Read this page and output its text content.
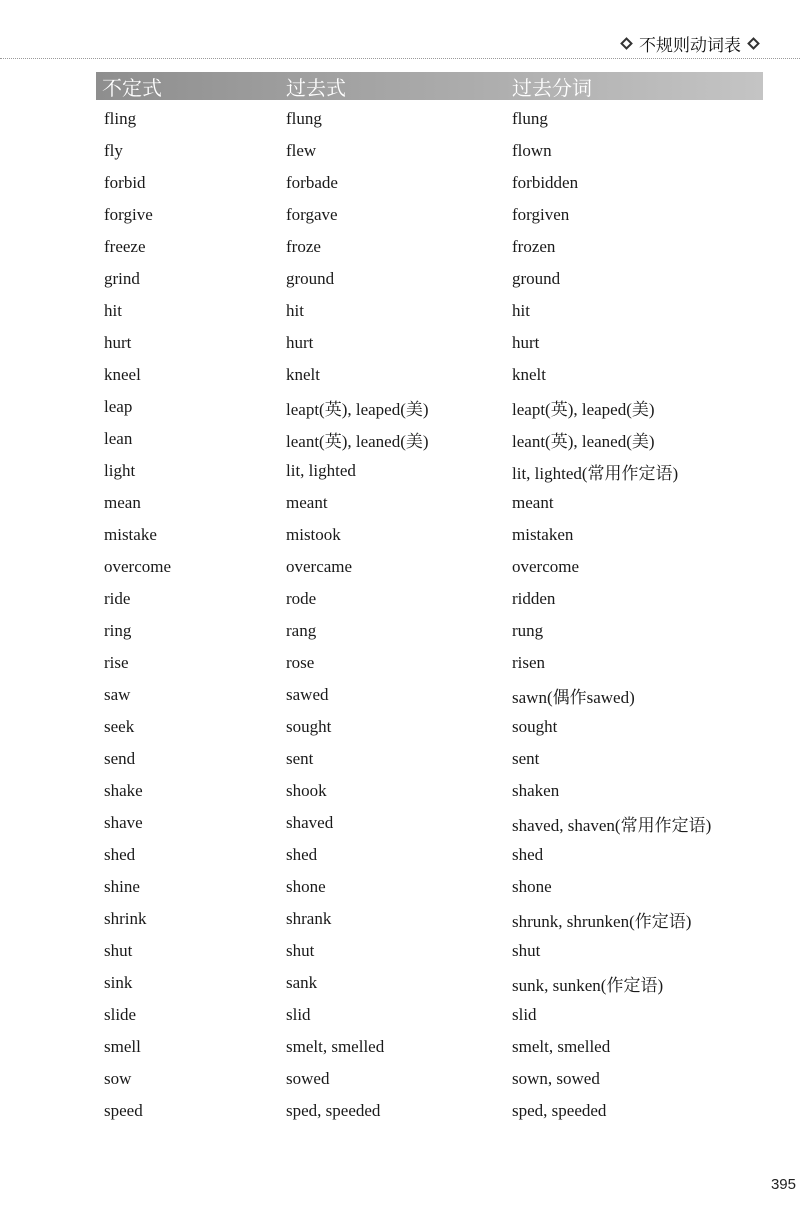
不规则动词表
不定式	过去式	过去分词
fling	flung	flung
fly	flew	flown
forbid	forbade	forbidden
forgive	forgave	forgiven
freeze	froze	frozen
grind	ground	ground
hit	hit	hit
hurt	hurt	hurt
kneel	knelt	knelt
leap	leapt(英), leaped(美)	leapt(英), leaped(美)
lean	leant(英), leaned(美)	leant(英), leaned(美)
light	lit, lighted	lit, lighted(常用作定语)
mean	meant	meant
mistake	mistook	mistaken
overcome	overcame	overcome
ride	rode	ridden
ring	rang	rung
rise	rose	risen
saw	sawed	sawn(偶作sawed)
seek	sought	sought
send	sent	sent
shake	shook	shaken
shave	shaved	shaved, shaven(常用作定语)
shed	shed	shed
shine	shone	shone
shrink	shrank	shrunk, shrunken(作定语)
shut	shut	shut
sink	sank	sunk, sunken(作定语)
slide	slid	slid
smell	smelt, smelled	smelt, smelled
sow	sowed	sown, sowed
speed	sped, speeded	sped, speeded
395
